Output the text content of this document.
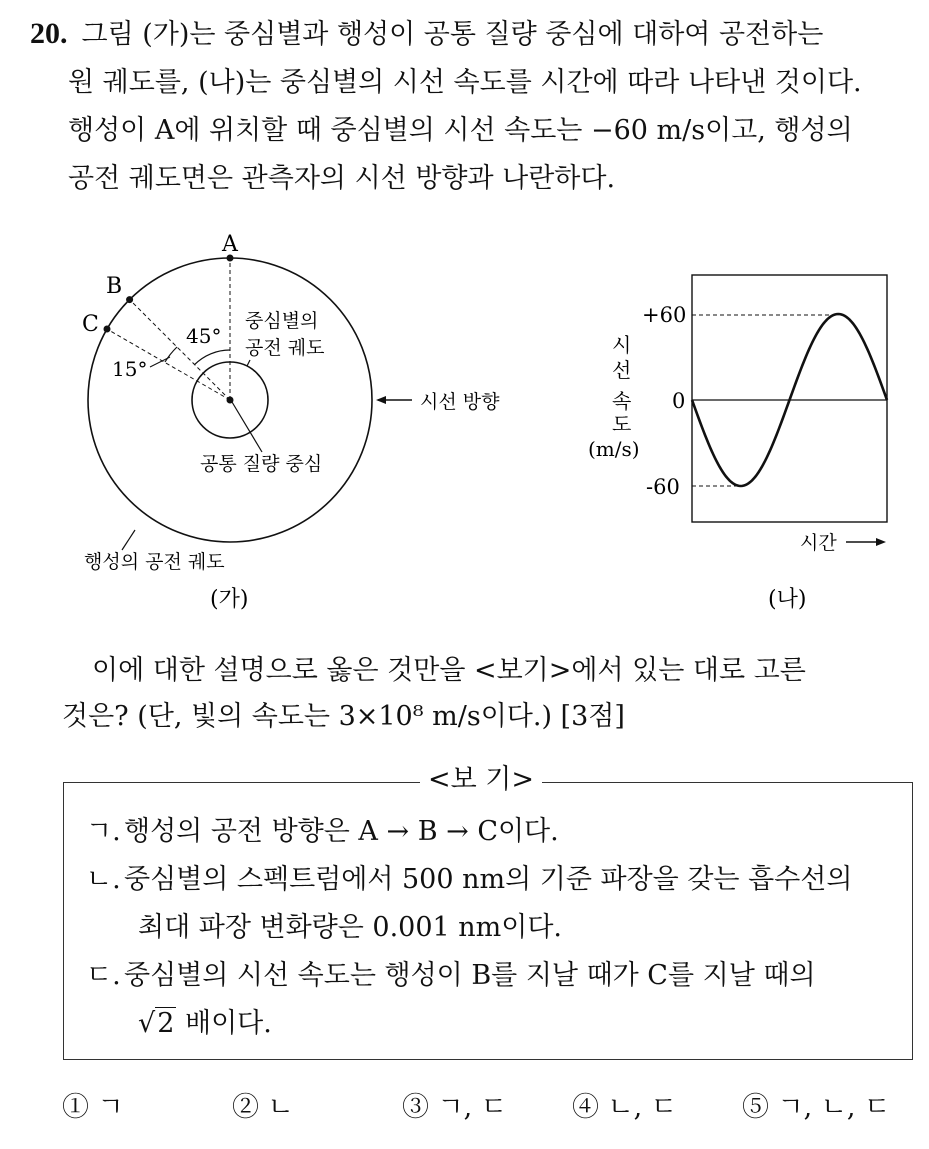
20. 그림 (가)는 중심별과 행성이 공통 질량 중심에 대하여 공전하는
원 궤도를, (나)는 중심별의 시선 속도를 시간에 따라 나타낸 것이다.
행성이 A에 위치할 때 중심별의 시선 속도는 −60 m/s이고, 행성의
공전 궤도면은 관측자의 시선 방향과 나란하다.
A
B
C	45°
15°
중심별의
공전 궤도
시선 방향
공통 질량 중심
행성의 공전 궤도
(가)
+60
0
-60
시
선
속
도
(m/s)
시간
(나)
이에 대한 설명으로 옳은 것만을 <보기>에서 있는 대로 고른
것은? (단, 빛의 속도는 3×10⁸ m/s이다.) [3점]
<보 기>
ㄱ. 행성의 공전 방향은 A → B → C이다.
ㄴ. 중심별의 스펙트럼에서 500 nm의 기준 파장을 갖는 흡수선의
최대 파장 변화량은 0.001 nm이다.
ㄷ. 중심별의 시선 속도는 행성이 B를 지날 때가 C를 지날 때의
√2 배이다.
① ㄱ	② ㄴ	③ ㄱ, ㄷ	④ ㄴ, ㄷ	⑤ ㄱ, ㄴ, ㄷ
